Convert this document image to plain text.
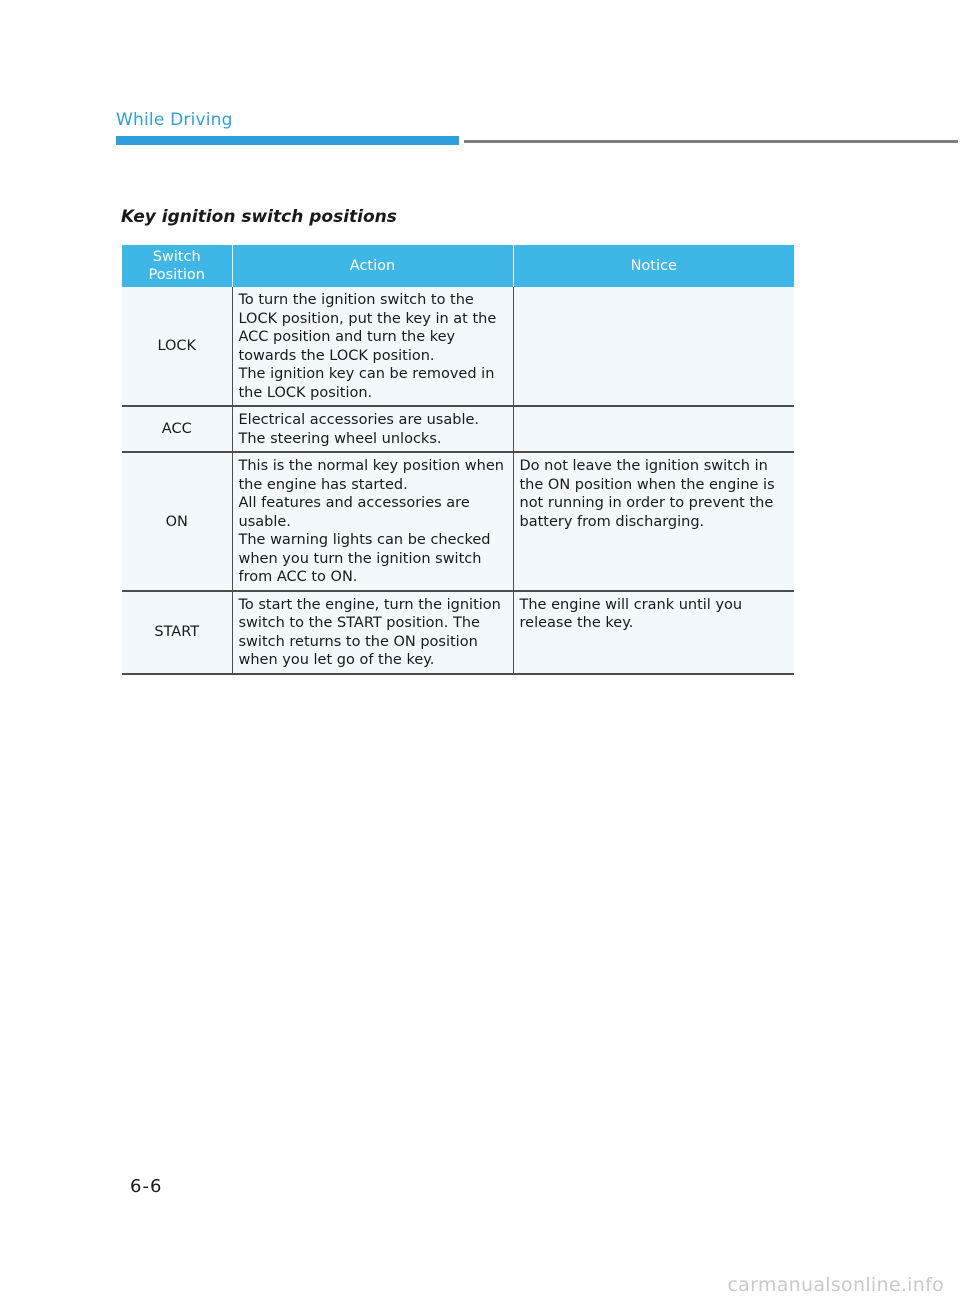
While Driving
Key ignition switch positions
Switch
Position	Action	Notice
LOCK	To turn the ignition switch to the LOCK position, put the key in at the ACC position and turn the key towards the LOCK position.
The ignition key can be removed in the LOCK position.	
ACC	Electrical accessories are usable.
The steering wheel unlocks.	
ON	This is the normal key position when the engine has started.
All features and accessories are usable.
The warning lights can be checked when you turn the ignition switch from ACC to ON.	Do not leave the ignition switch in the ON position when the engine is not running in order to prevent the battery from discharging.
START	To start the engine, turn the ignition switch to the START position. The switch returns to the ON position when you let go of the key.	The engine will crank until you release the key.
6-6
carmanualsonline.info
